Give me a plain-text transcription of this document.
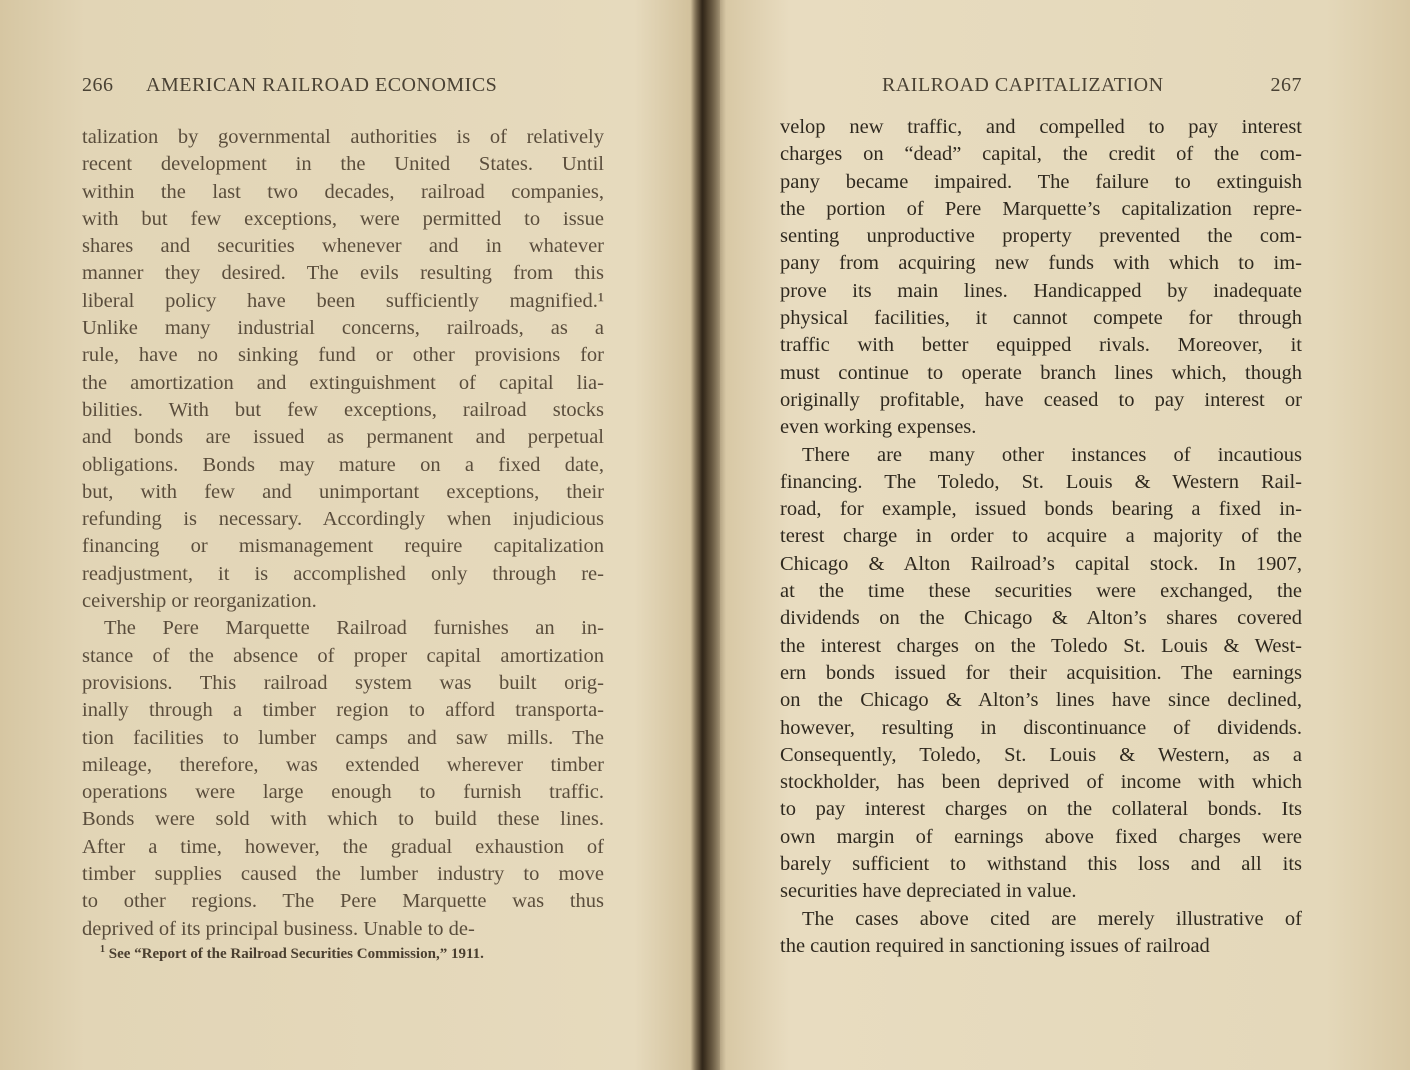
266 AMERICAN RAILROAD ECONOMICS
talization by governmental authorities is of relatively
recent development in the United States. Until
within the last two decades, railroad companies,
with but few exceptions, were permitted to issue
shares and securities whenever and in whatever
manner they desired. The evils resulting from this
liberal policy have been sufficiently magnified.¹
Unlike many industrial concerns, railroads, as a
rule, have no sinking fund or other provisions for
the amortization and extinguishment of capital lia-
bilities. With but few exceptions, railroad stocks
and bonds are issued as permanent and perpetual
obligations. Bonds may mature on a fixed date,
but, with few and unimportant exceptions, their
refunding is necessary. Accordingly when injudicious
financing or mismanagement require capitalization
readjustment, it is accomplished only through re-
ceivership or reorganization.
The Pere Marquette Railroad furnishes an in-
stance of the absence of proper capital amortization
provisions. This railroad system was built orig-
inally through a timber region to afford transporta-
tion facilities to lumber camps and saw mills. The
mileage, therefore, was extended wherever timber
operations were large enough to furnish traffic.
Bonds were sold with which to build these lines.
After a time, however, the gradual exhaustion of
timber supplies caused the lumber industry to move
to other regions. The Pere Marquette was thus
deprived of its principal business. Unable to de-
$^1$ See “Report of the Railroad Securities Commission,” 1911.
RAILROAD CAPITALIZATION	267
velop new traffic, and compelled to pay interest
charges on “dead” capital, the credit of the com-
pany became impaired. The failure to extinguish
the portion of Pere Marquette’s capitalization repre-
senting unproductive property prevented the com-
pany from acquiring new funds with which to im-
prove its main lines. Handicapped by inadequate
physical facilities, it cannot compete for through
traffic with better equipped rivals. Moreover, it
must continue to operate branch lines which, though
originally profitable, have ceased to pay interest or
even working expenses.
There are many other instances of incautious
financing. The Toledo, St. Louis & Western Rail-
road, for example, issued bonds bearing a fixed in-
terest charge in order to acquire a majority of the
Chicago & Alton Railroad’s capital stock. In 1907,
at the time these securities were exchanged, the
dividends on the Chicago & Alton’s shares covered
the interest charges on the Toledo St. Louis & West-
ern bonds issued for their acquisition. The earnings
on the Chicago & Alton’s lines have since declined,
however, resulting in discontinuance of dividends.
Consequently, Toledo, St. Louis & Western, as a
stockholder, has been deprived of income with which
to pay interest charges on the collateral bonds. Its
own margin of earnings above fixed charges were
barely sufficient to withstand this loss and all its
securities have depreciated in value.
The cases above cited are merely illustrative of
the caution required in sanctioning issues of railroad
